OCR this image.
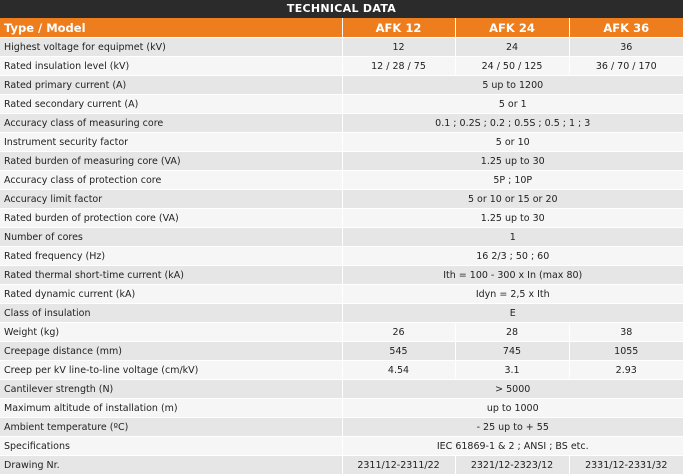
TECHNICAL DATA
Type / Model	AFK 12	AFK 24	AFK 36
Highest voltage for equipmet (kV)	12	24	36
Rated insulation level (kV)	12 / 28 / 75	24 / 50 / 125	36 / 70 / 170
Rated primary current (A)	5 up to 1200		
Rated secondary current (A)	5 or 1		
Accuracy class of measuring core	0.1 ; 0.2S ; 0.2 ; 0.5S ; 0.5 ; 1 ; 3		
Instrument security factor	5 or 10		
Rated burden of measuring core (VA)	1.25 up to 30		
Accuracy class of protection core	5P ; 10P		
Accuracy limit factor	5 or 10 or 15 or 20		
Rated burden of protection core (VA)	1.25 up to 30		
Number of cores	1		
Rated frequency (Hz)	16 2/3 ; 50 ; 60		
Rated thermal short-time current (kA)	Ith = 100 - 300 x In (max 80)		
Rated dynamic current (kA)	Idyn = 2,5 x Ith		
Class of insulation	E		
Weight (kg)	26	28	38
Creepage distance (mm)	545	745	1055
Creep per kV line-to-line voltage (cm/kV)	4.54	3.1	2.93
Cantilever strength (N)	> 5000		
Maximum altitude of installation (m)	up to 1000		
Ambient temperature (ºC)	- 25 up to + 55		
Specifications	IEC 61869-1 & 2 ; ANSI ; BS etc.		
Drawing Nr.	2311/12-2311/22	2321/12-2323/12	2331/12-2331/32
